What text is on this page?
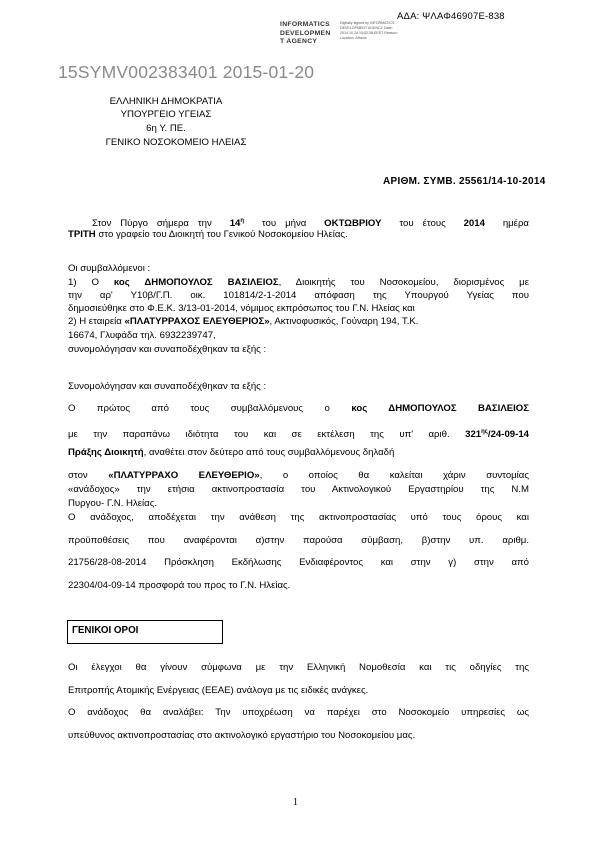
ΑΔΑ: ΨΛΑΦ46907Ε-838
INFORMATICS
DEVELOPMEN
T AGENCY
Digitally signed by INFORMATICS DEVELOPMENT AGENCY Date: 2014.10.24 15:52:38 EEST Reason: Location: Athens
15SYMV002383401 2015-01-20
ΕΛΛΗΝΙΚΗ ΔΗΜΟΚΡΑΤΙΑ
ΥΠΟΥΡΓΕΙΟ ΥΓΕΙΑΣ
6η Υ. ΠΕ.
ΓΕΝΙΚΟ ΝΟΣΟΚΟΜΕΙΟ ΗΛΕΙΑΣ
ΑΡΙΘΜ. ΣΥΜΒ. 25561/14-10-2014
Στον Πύργο σήμερα την $14^\eta$ του μήνα ΟΚΤΩΒΡΙΟΥ του έτους 2014 ημέρα
ΤΡΙΤΗ στο γραφείο του Διοικητή του Γενικού Νοσοκομείου Ηλείας.
Οι συμβαλλόμενοι :
1) Ο κος ΔΗΜΟΠΟΥΛΟΣ ΒΑΣΙΛΕΙΟΣ, Διοικητής του Νοσοκομείου, διορισμένος με
την αρ' Υ10β/Γ.Π. οικ. 101814/2-1-2014 απόφαση της Υπουργού Υγείας που
δημοσιεύθηκε στο Φ.Ε.Κ. 3/13-01-2014, νόμιμος εκπρόσωπος του Γ.Ν. Ηλείας και
2) Η εταιρεία «ΠΛΑΤΥΡΡΑΧΟΣ ΕΛΕΥΘΕΡΙΟΣ», Ακτινοφυσικός, Γούναρη 194, Τ.Κ.
16674, Γλυφάδα τηλ. 6932239747,
συνομολόγησαν και συναποδέχθηκαν τα εξής :
Συνομολόγησαν και συναποδέχθηκαν τα εξής :
Ο πρώτος από τους συμβαλλόμενους ο κος ΔΗΜΟΠΟΥΛΟΣ ΒΑΣΙΛΕΙΟΣ
με την παραπάνω ιδιότητα του και σε εκτέλεση της υπ' αριθ. $321^{\eta\varsigma}/24-09-14$
Πράξης Διοικητή, αναθέτει στον δεύτερο από τους συμβαλλόμενους δηλαδή
στον «ΠΛΑΤΥΡΡΑΧΟ ΕΛΕΥΘΕΡΙΟ», ο οποίος θα καλείται χάριν συντομίας
«ανάδοχος» την ετήσια ακτινοπροστασία του Ακτινολογικού Εργαστηρίου της Ν.Μ
Πυργου- Γ.Ν. Ηλείας.
Ο ανάδοχος, αποδέχεται την ανάθεση της ακτινοπροστασίας υπό τους όρους και
προϋποθέσεις που αναφέρονται α)στην παρούσα σύμβαση, β)στην υπ. αριθμ.
21756/28-08-2014 Πρόσκληση Εκδήλωσης Ενδιαφέροντος και στην γ) στην από
22304/04-09-14 προσφορά του προς το Γ.Ν. Ηλείας.
ΓΕΝΙΚΟΙ ΟΡΟΙ
Οι έλεγχοι θα γίνουν σύμφωνα με την Ελληνική Νομοθεσία και τις οδηγίες της
Επιτροπής Ατομικής Ενέργειας (ΕΕΑΕ) ανάλογα με τις ειδικές ανάγκες.
Ο ανάδοχος θα αναλάβει: Την υποχρέωση να παρέχει στο Νοσοκομείο υπηρεσίες ως
υπεύθυνος ακτινοπροστασίας στο ακτινολογικό εργαστήριο του Νοσοκομείου μας.
1
